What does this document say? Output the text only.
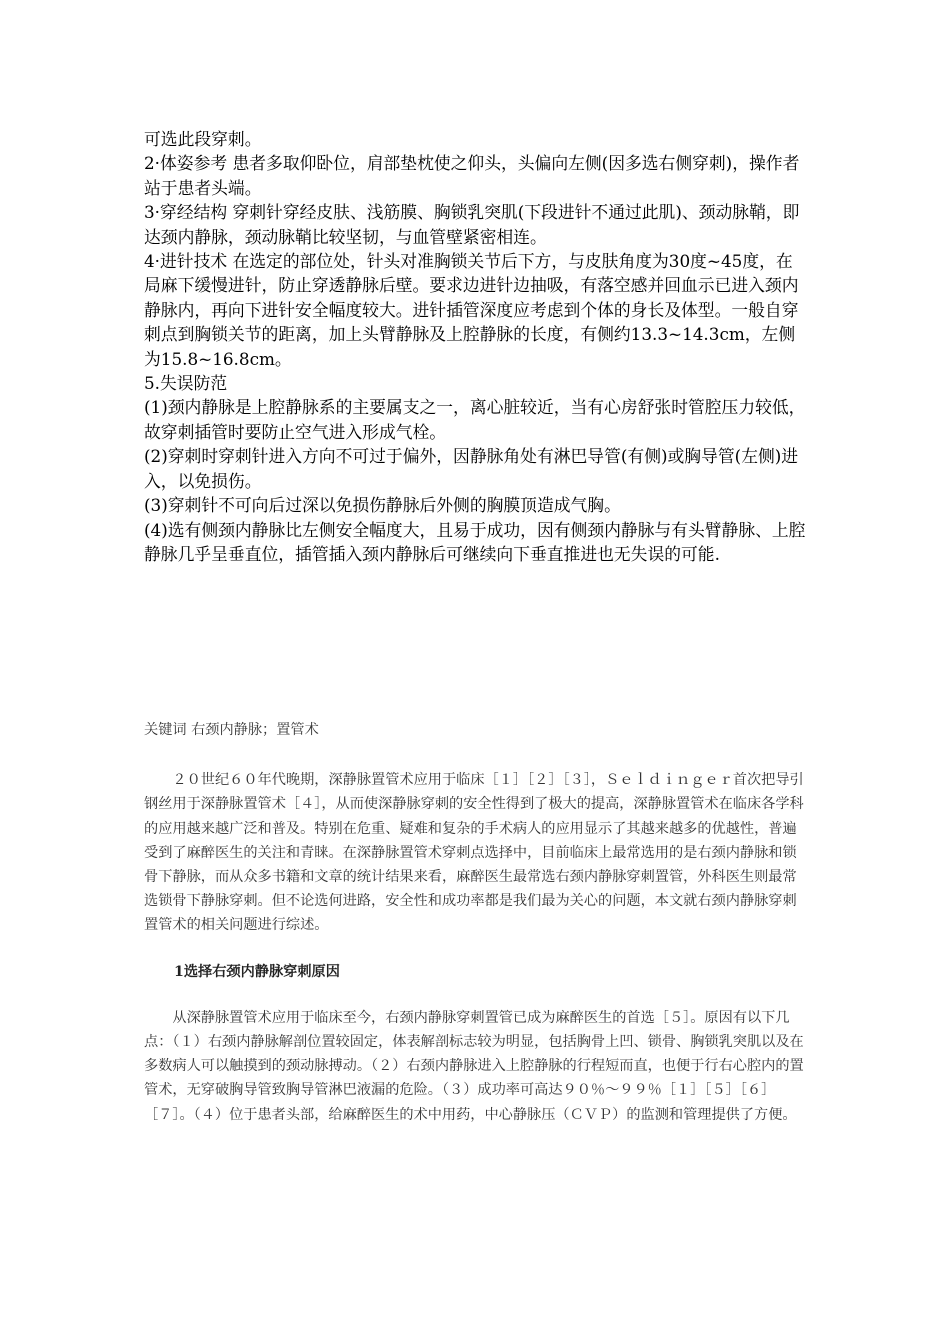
可选此段穿刺。

2·体姿参考 患者多取仰卧位，肩部垫枕使之仰头，头偏向左侧(因多选右侧穿刺)，操作者站于患者头端。

3·穿经结构 穿刺针穿经皮肤、浅筋膜、胸锁乳突肌(下段进针不通过此肌)、颈动脉鞘，即达颈内静脉，颈动脉鞘比较坚韧，与血管壁紧密相连。

4·进针技术 在选定的部位处，针头对准胸锁关节后下方，与皮肤角度为30度~45度，在局麻下缓慢进针，防止穿透静脉后壁。要求边进针边抽吸，有落空感并回血示已进入颈内静脉内，再向下进针安全幅度较大。进针插管深度应考虑到个体的身长及体型。一般自穿刺点到胸锁关节的距离，加上头臂静脉及上腔静脉的长度，有侧约13.3~14.3cm，左侧为15.8~16.8cm。

5.失误防范

(1)颈内静脉是上腔静脉系的主要属支之一，离心脏较近，当有心房舒张时管腔压力较低，故穿刺插管时要防止空气进入形成气栓。

(2)穿刺时穿刺针进入方向不可过于偏外，因静脉角处有淋巴导管(有侧)或胸导管(左侧)进入，以免损伤。

(3)穿刺针不可向后过深以免损伤静脉后外侧的胸膜顶造成气胸。

(4)选有侧颈内静脉比左侧安全幅度大，且易于成功，因有侧颈内静脉与有头臂静脉、上腔静脉几乎呈垂直位，插管插入颈内静脉后可继续向下垂直推进也无失误的可能.

关键词 右颈内静脉；置管术

２０世纪６０年代晚期，深静脉置管术应用于临床［１］［２］［３］，Ｓｅｌｄｉｎｇｅｒ首次把导引钢丝用于深静脉置管术［４］，从而使深静脉穿刺的安全性得到了极大的提高，深静脉置管术在临床各学科的应用越来越广泛和普及。特别在危重、疑难和复杂的手术病人的应用显示了其越来越多的优越性，普遍受到了麻醉医生的关注和青睐。在深静脉置管术穿刺点选择中，目前临床上最常选用的是右颈内静脉和锁骨下静脉，而从众多书籍和文章的统计结果来看，麻醉医生最常选右颈内静脉穿刺置管，外科医生则最常选锁骨下静脉穿刺。但不论选何进路，安全性和成功率都是我们最为关心的问题，本文就右颈内静脉穿刺置管术的相关问题进行综述。

1选择右颈内静脉穿刺原因

从深静脉置管术应用于临床至今，右颈内静脉穿刺置管已成为麻醉医生的首选［５］。原因有以下几点：（１）右颈内静脉解剖位置较固定，体表解剖标志较为明显，包括胸骨上凹、锁骨、胸锁乳突肌以及在多数病人可以触摸到的颈动脉搏动。（２）右颈内静脉进入上腔静脉的行程短而直，也便于行右心腔内的置管术，无穿破胸导管致胸导管淋巴液漏的危险。（３）成功率可高达９０％～９９％［１］［５］［６］［７］。（４）位于患者头部，给麻醉医生的术中用药，中心静脉压（ＣＶＰ）的监测和管理提供了方便。
